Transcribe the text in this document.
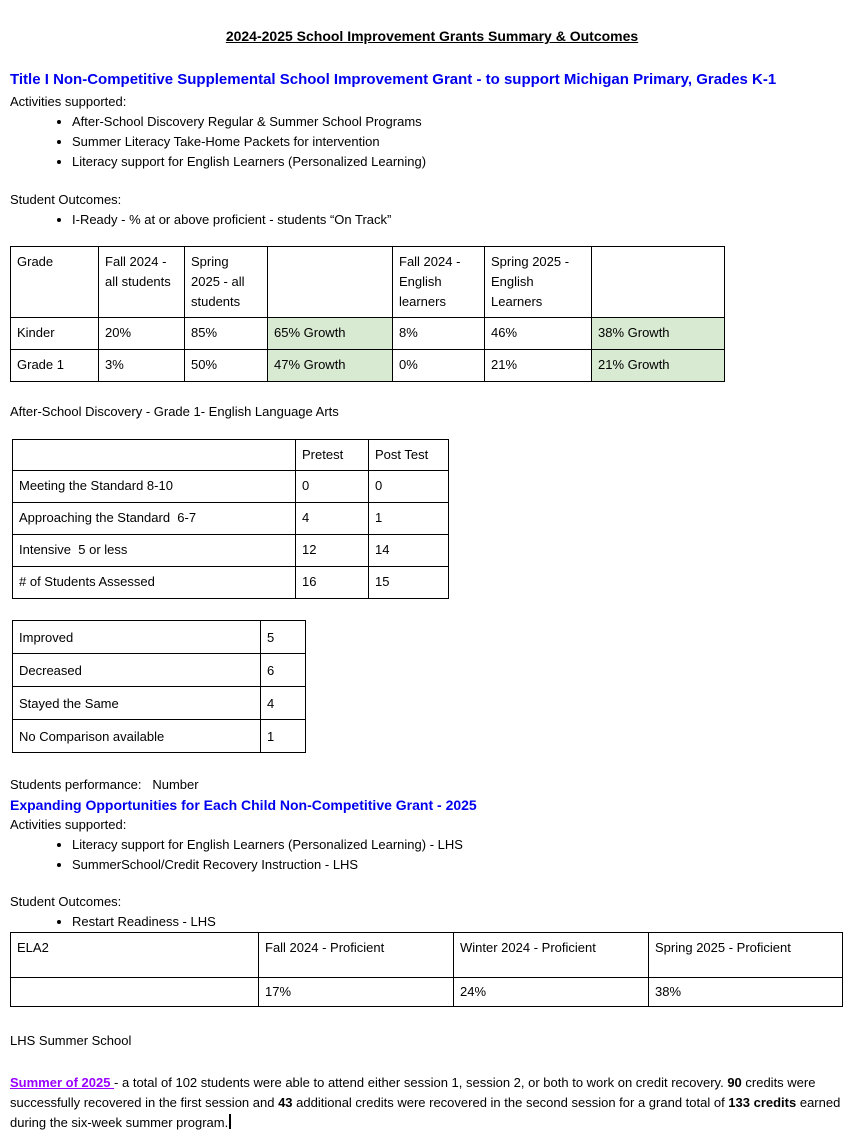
2024-2025 School Improvement Grants Summary & Outcomes

Title I Non-Competitive Supplemental School Improvement Grant - to support Michigan Primary, Grades K-1

Activities supported:

• After-School Discovery Regular & Summer School Programs
• Summer Literacy Take-Home Packets for intervention
• Literacy support for English Learners (Personalized Learning)

Student Outcomes:

• I-Ready - % at or above proficient - students “On Track”
Grade	Fall 2024 - all students	Spring 2025 - all students		Fall 2024 - English learners	Spring 2025 - English Learners	
Kinder	20%	85%	65% Growth	8%	46%	38% Growth
Grade 1	3%	50%	47% Growth	0%	21%	21% Growth

After-School Discovery - Grade 1- English Language Arts

	Pretest	Post Test
Meeting the Standard 8-10	0	0
Approaching the Standard  6-7	4	1
Intensive  5 or less	12	14
# of Students Assessed	16	15
Improved	5
Decreased	6
Stayed the Same	4
No Comparison available	1

Students performance:   Number

Expanding Opportunities for Each Child Non-Competitive Grant - 2025

Activities supported:

• Literacy support for English Learners (Personalized Learning) - LHS
• SummerSchool/Credit Recovery Instruction - LHS

Student Outcomes:

• Restart Readiness - LHS
ELA2	Fall 2024 - Proficient	Winter 2024 - Proficient	Spring 2025 - Proficient
	17%	24%	38%

LHS Summer School

Summer of 2025 - a total of 102 students were able to attend either session 1, session 2, or both to work on credit recovery. 90 credits were successfully recovered in the first session and 43 additional credits were recovered in the second session for a grand total of 133 credits earned during the six-week summer program.
